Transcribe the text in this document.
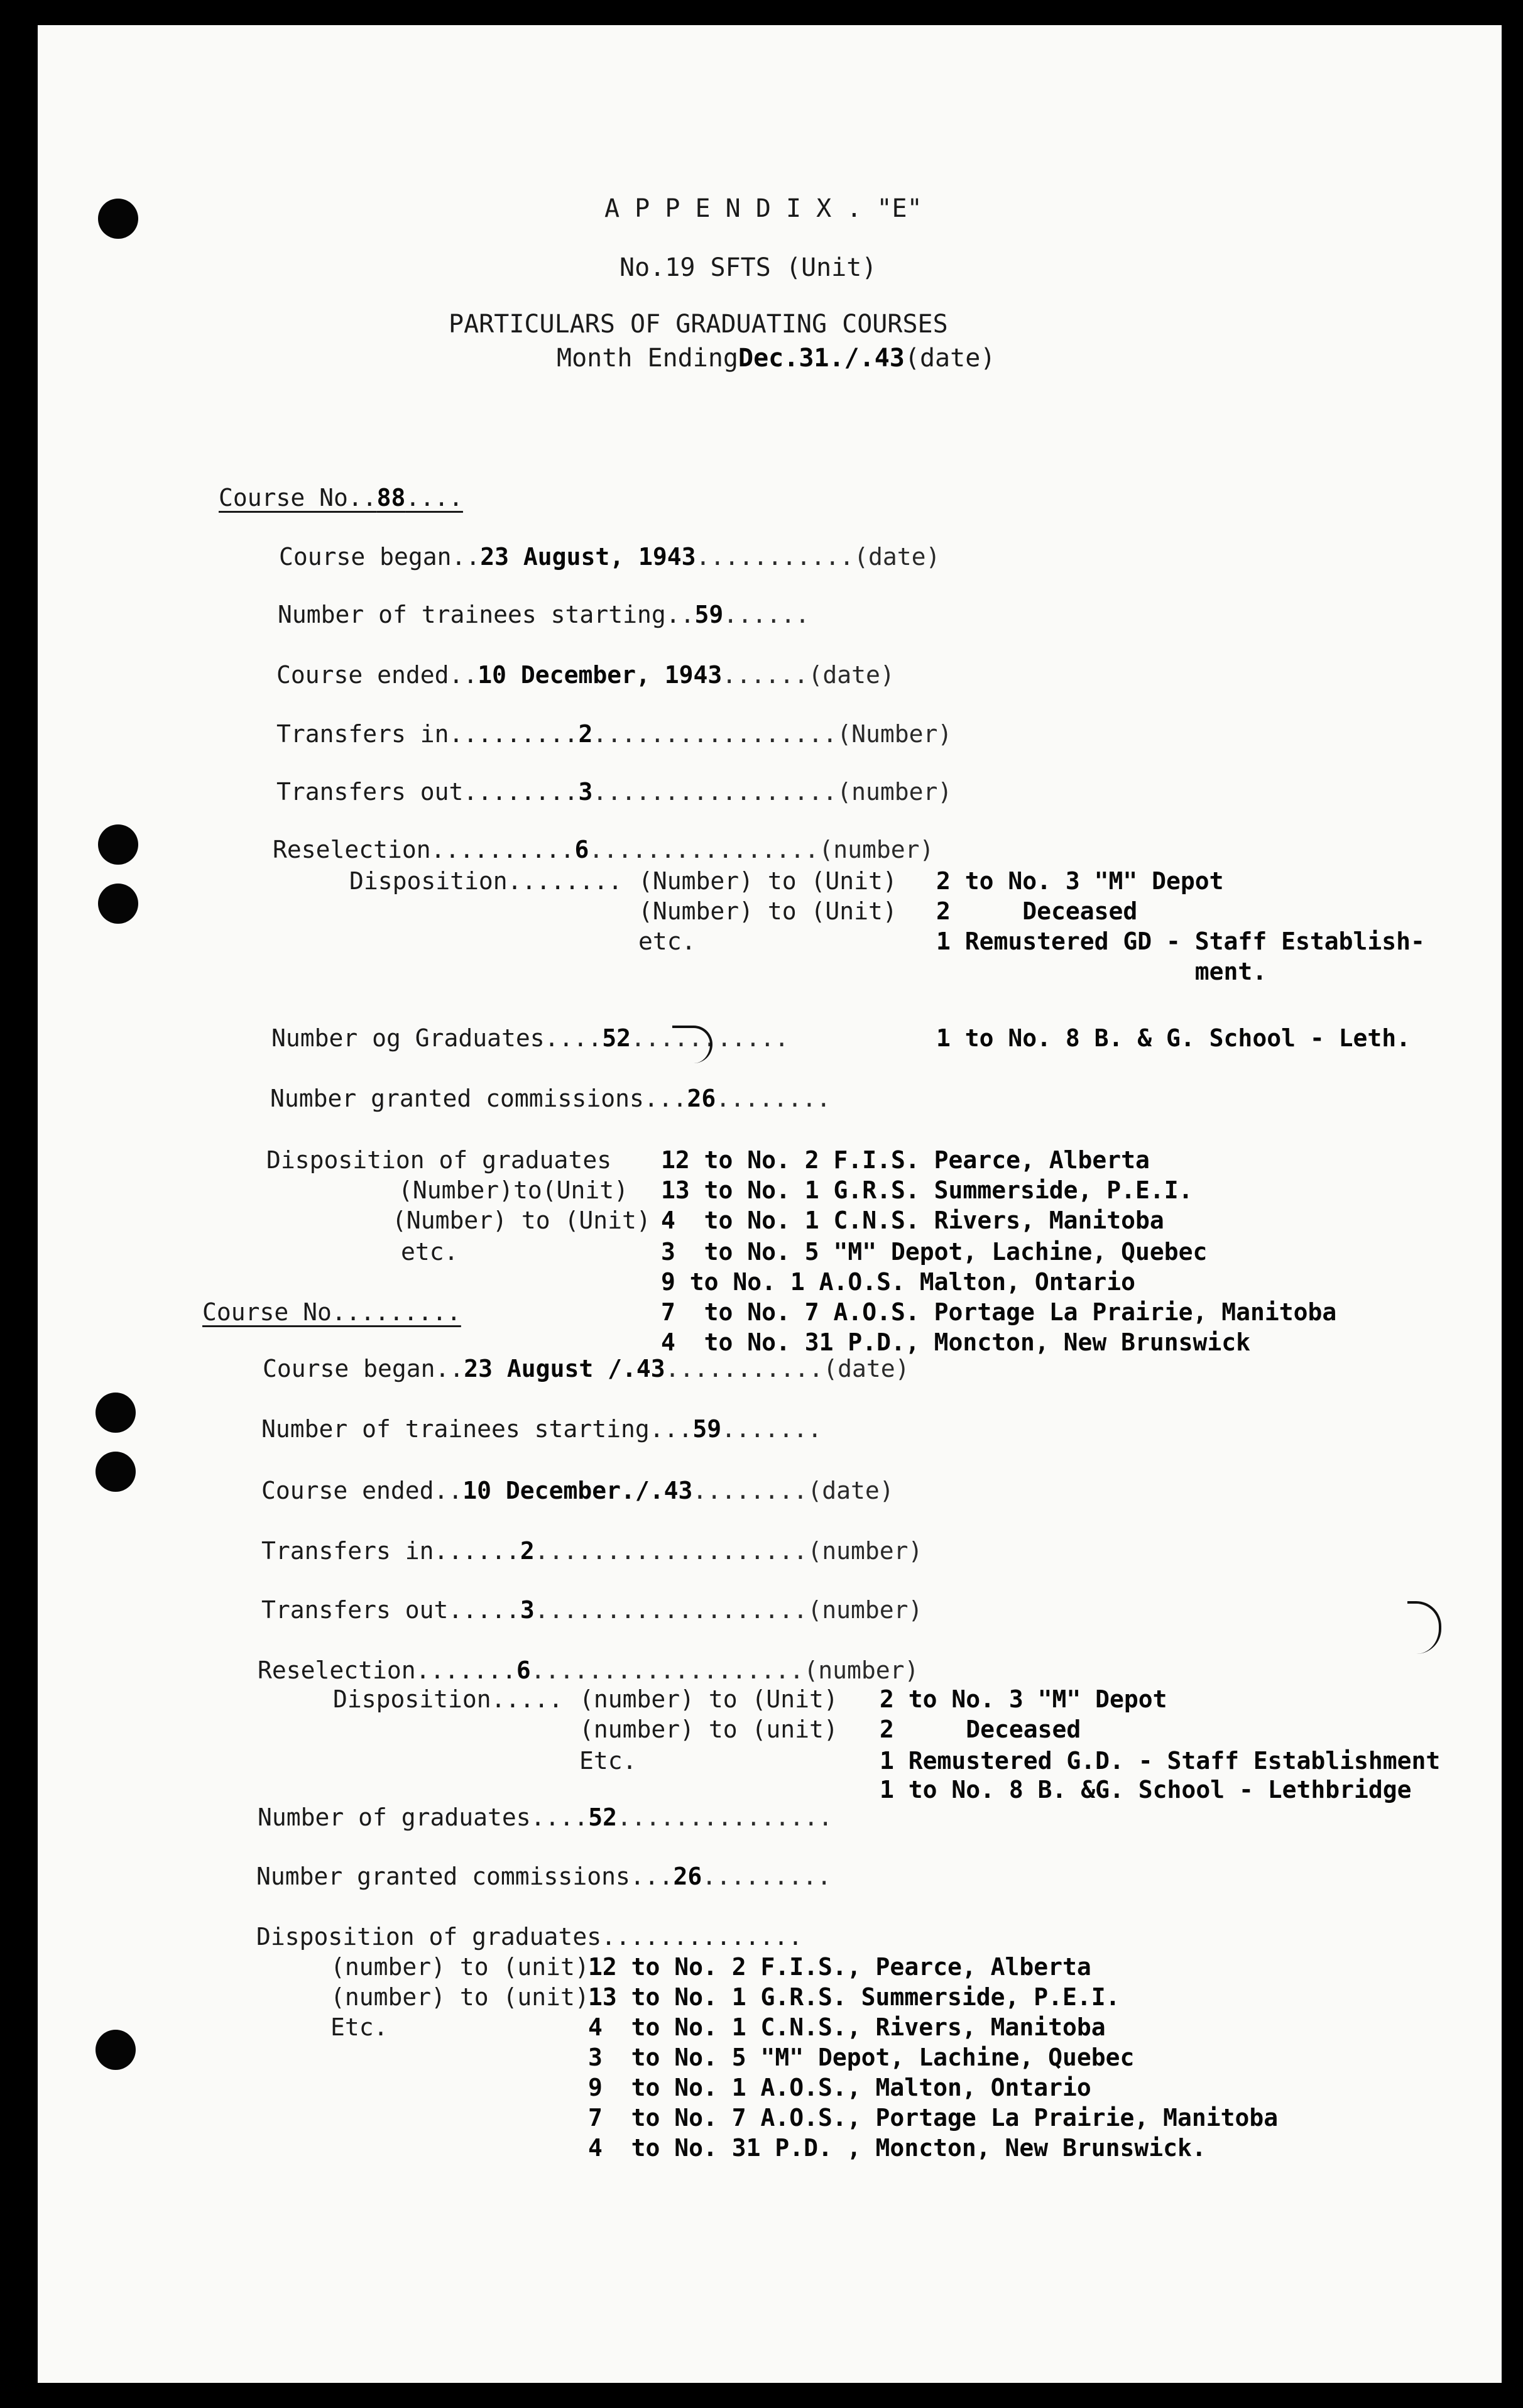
A P P E N D I X . "E"
No.19 SFTS (Unit)
PARTICULARS OF GRADUATING COURSES
Month EndingDec.31./.43(date)
Course No..88....
Course began..23 August, 1943...........(date)
Number of trainees starting..59......
Course ended..10 December, 1943......(date)
Transfers in.........2.................(Number)
Transfers out........3.................(number)
Reselection..........6................(number)
Disposition........ (Number) to (Unit)
(Number) to (Unit)
etc.
2 to No. 3 "M" Depot
2     Deceased
1 Remustered GD - Staff Establish-
ment.
1 to No. 8 B. & G. School - Leth.
Number og Graduates....52...........
Number granted commissions...26........
Disposition of graduates
(Number)to(Unit)
(Number) to (Unit)
etc.
12 to No. 2 F.I.S. Pearce, Alberta
13 to No. 1 G.R.S. Summerside, P.E.I.
4  to No. 1 C.N.S. Rivers, Manitoba
3  to No. 5 "M" Depot, Lachine, Quebec
9 to No. 1 A.O.S. Malton, Ontario
7  to No. 7 A.O.S. Portage La Prairie, Manitoba
4  to No. 31 P.D., Moncton, New Brunswick
Course No.........
Course began..23 August /.43...........(date)
Number of trainees starting...59.......
Course ended..10 December./.43........(date)
Transfers in......2...................(number)
Transfers out.....3...................(number)
Reselection.......6...................(number)
Disposition..... (number) to (Unit)
(number) to (unit)
Etc.
2 to No. 3 "M" Depot
2     Deceased
1 Remustered G.D. - Staff Establishment
1 to No. 8 B. &G. School - Lethbridge
Number of graduates....52...............
Number granted commissions...26.........
Disposition of graduates..............
(number) to (unit)
(number) to (unit)
Etc.
12 to No. 2 F.I.S., Pearce, Alberta
13 to No. 1 G.R.S. Summerside, P.E.I.
4  to No. 1 C.N.S., Rivers, Manitoba
3  to No. 5 "M" Depot, Lachine, Quebec
9  to No. 1 A.O.S., Malton, Ontario
7  to No. 7 A.O.S., Portage La Prairie, Manitoba
4  to No. 31 P.D. , Moncton, New Brunswick.
